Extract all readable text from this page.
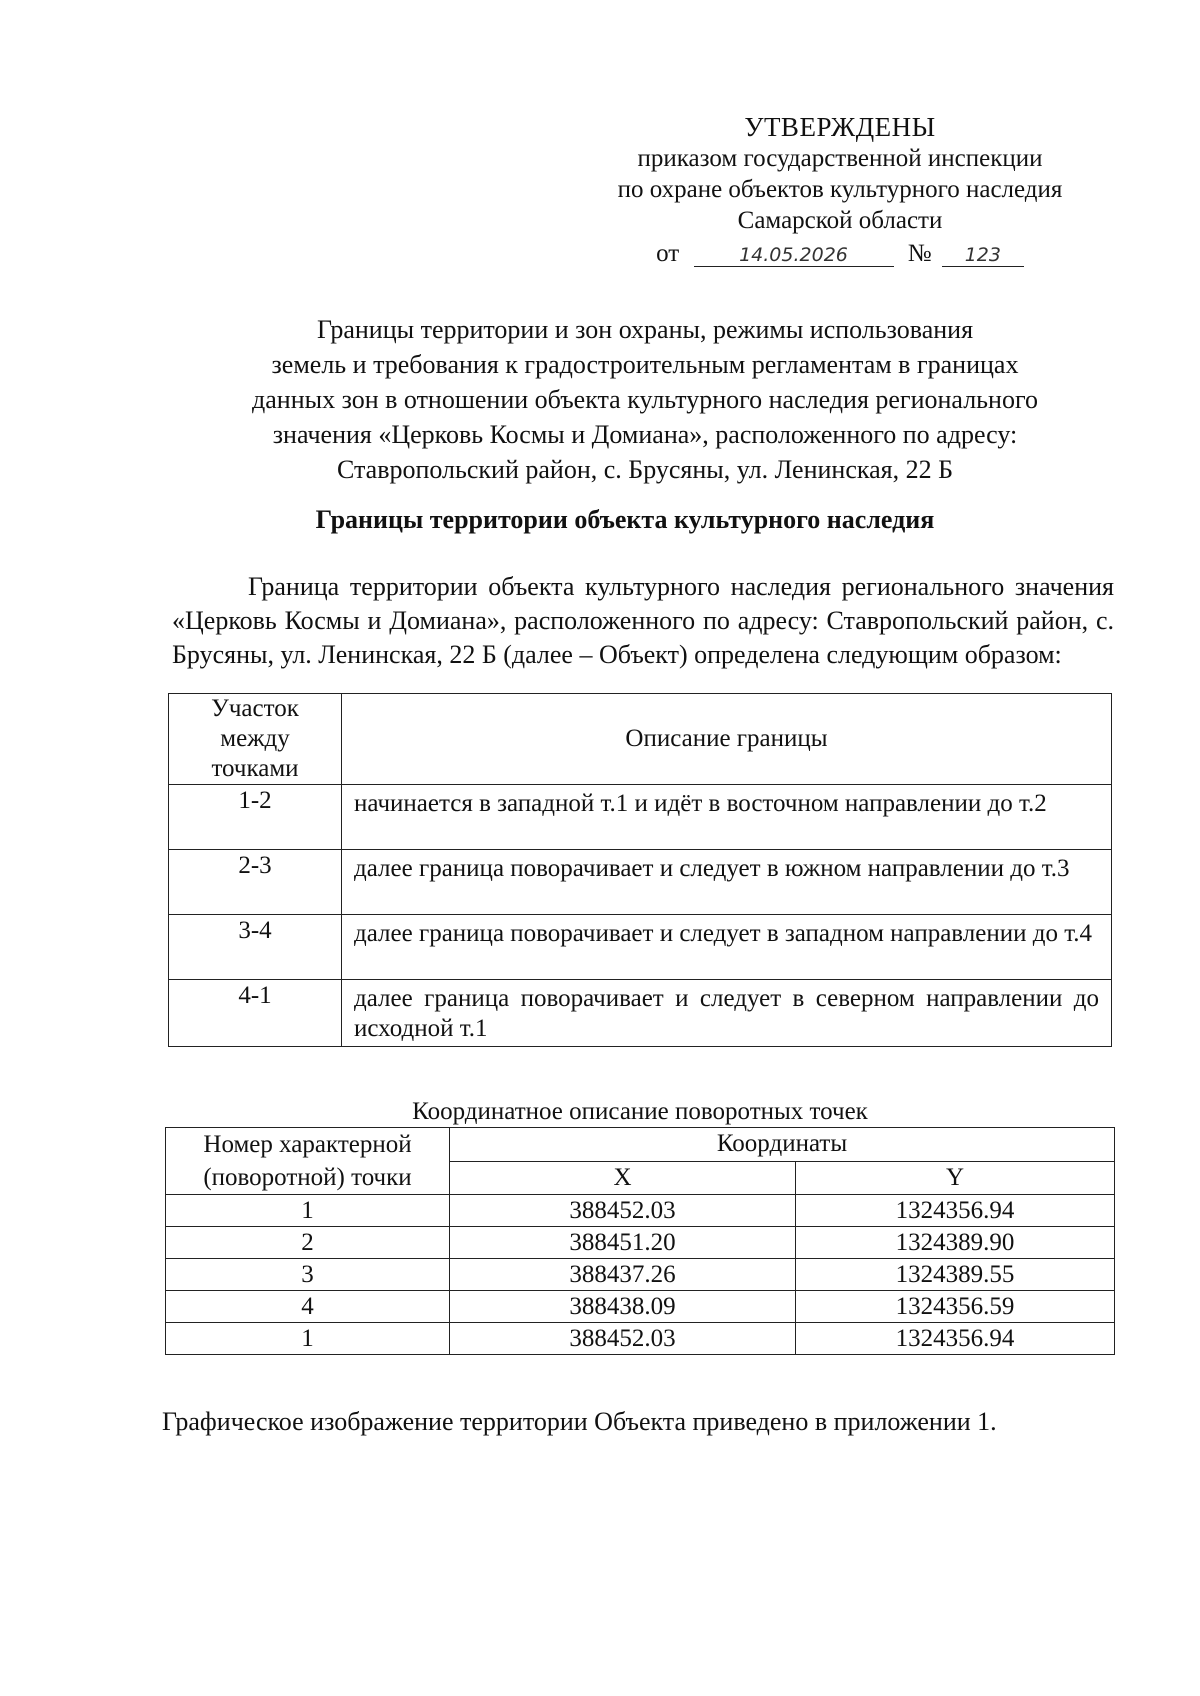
УТВЕРЖДЕНЫ
приказом государственной инспекции
по охране объектов культурного наследия
Самарской области
от	14.05.2026 № 123
Границы территории и зон охраны, режимы использования
земель и требования к градостроительным регламентам в границах
данных зон в отношении объекта культурного наследия регионального
значения «Церковь Космы и Домиана», расположенного по адресу:
Ставропольский район, с. Брусяны, ул. Ленинская, 22 Б
Границы территории объекта культурного наследия
Граница территории объекта культурного наследия регионального значения «Церковь Космы и Домиана», расположенного по адресу: Ставропольский район, с. Брусяны, ул. Ленинская, 22 Б (далее – Объект) определена следующим образом:
Участок
между
точками	Описание границы
1-2	начинается в западной т.1 и идёт в восточном направлении до т.2
2-3	далее граница поворачивает и следует в южном направлении до т.3
3-4	далее граница поворачивает и следует в западном направлении до т.4
4-1	далее граница поворачивает и следует в северном направлении до исходной т.1
Координатное описание поворотных точек
Номер характерной
(поворотной) точки	Координаты	
	X	Y
1	388452.03	1324356.94
2	388451.20	1324389.90
3	388437.26	1324389.55
4	388438.09	1324356.59
1	388452.03	1324356.94
Графическое изображение территории Объекта приведено в приложении 1.
